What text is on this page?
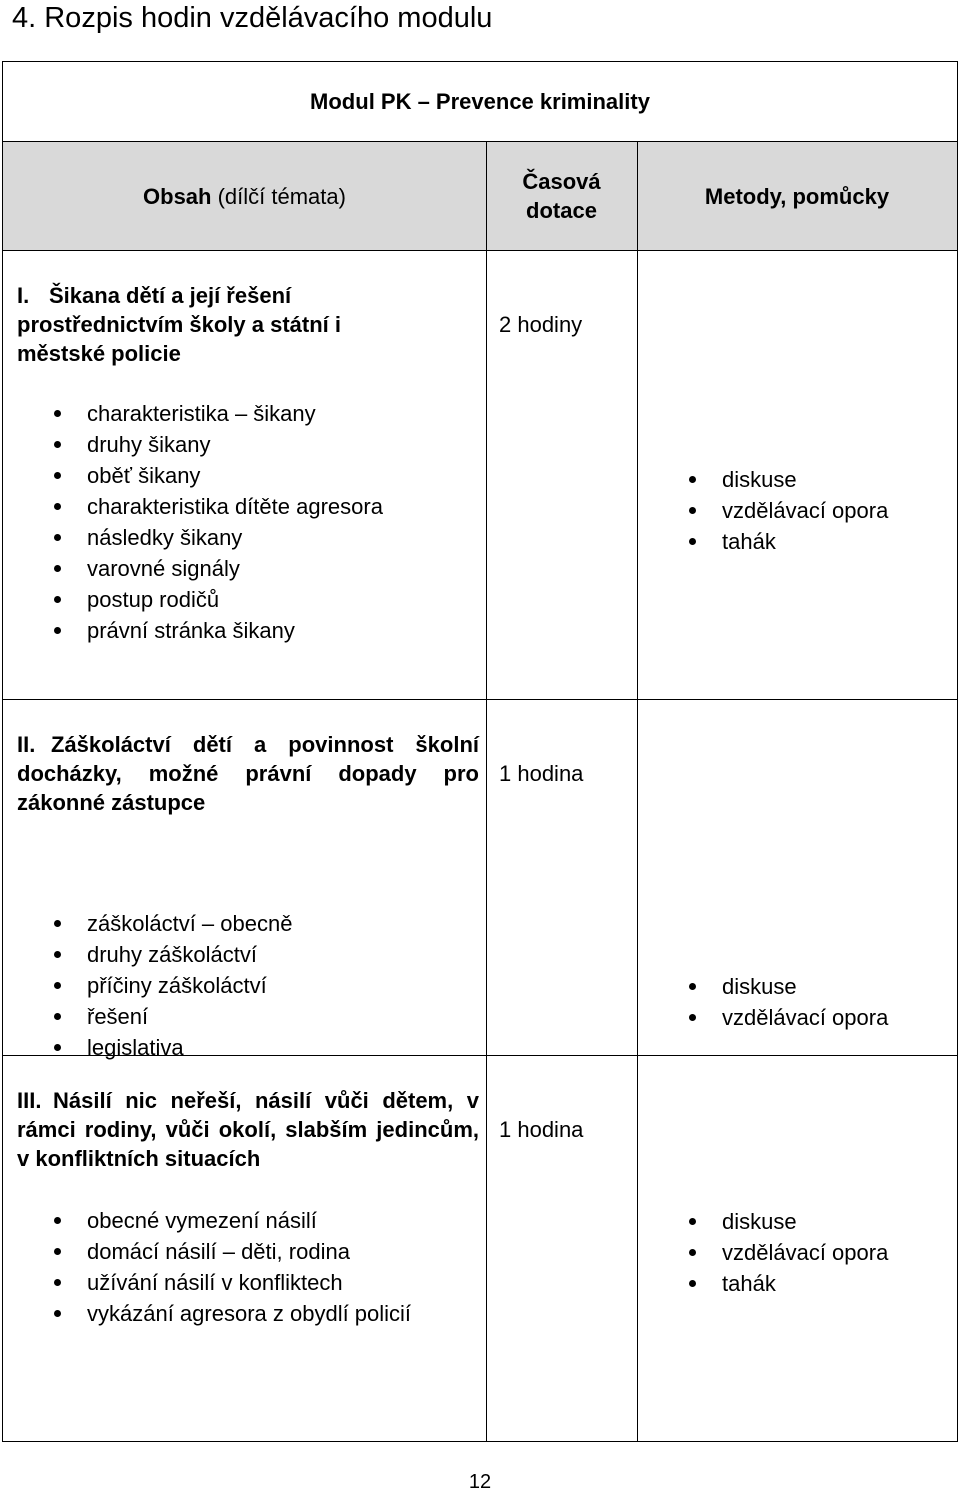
4. Rozpis hodin vzdělávacího modulu
Modul PK – Prevence kriminality
Obsah (dílčí témata)
Časová
dotace
Metody, pomůcky

I. Šikana dětí a její řešení prostřednictvím školy a státní i městské policie

2 hodiny
charakteristika – šikany
druhy šikany
oběť šikany
charakteristika dítěte agresora
následky šikany
varovné signály
postup rodičů
právní stránka šikany
diskuse
vzdělávací opora
tahák

II. Záškoláctví dětí a povinnost školní docházky, možné právní dopady pro zákonné zástupce

1 hodina
záškoláctví – obecně
druhy záškoláctví
příčiny záškoláctví
řešení
legislativa
diskuse
vzdělávací opora

III. Násilí nic neřeší, násilí vůči dětem, v rámci rodiny, vůči okolí, slabším jedincům, v konfliktních situacích

1 hodina
obecné vymezení násilí
domácí násilí – děti, rodina
užívání násilí v konfliktech
vykázání agresora z obydlí policií
diskuse
vzdělávací opora
tahák
12
